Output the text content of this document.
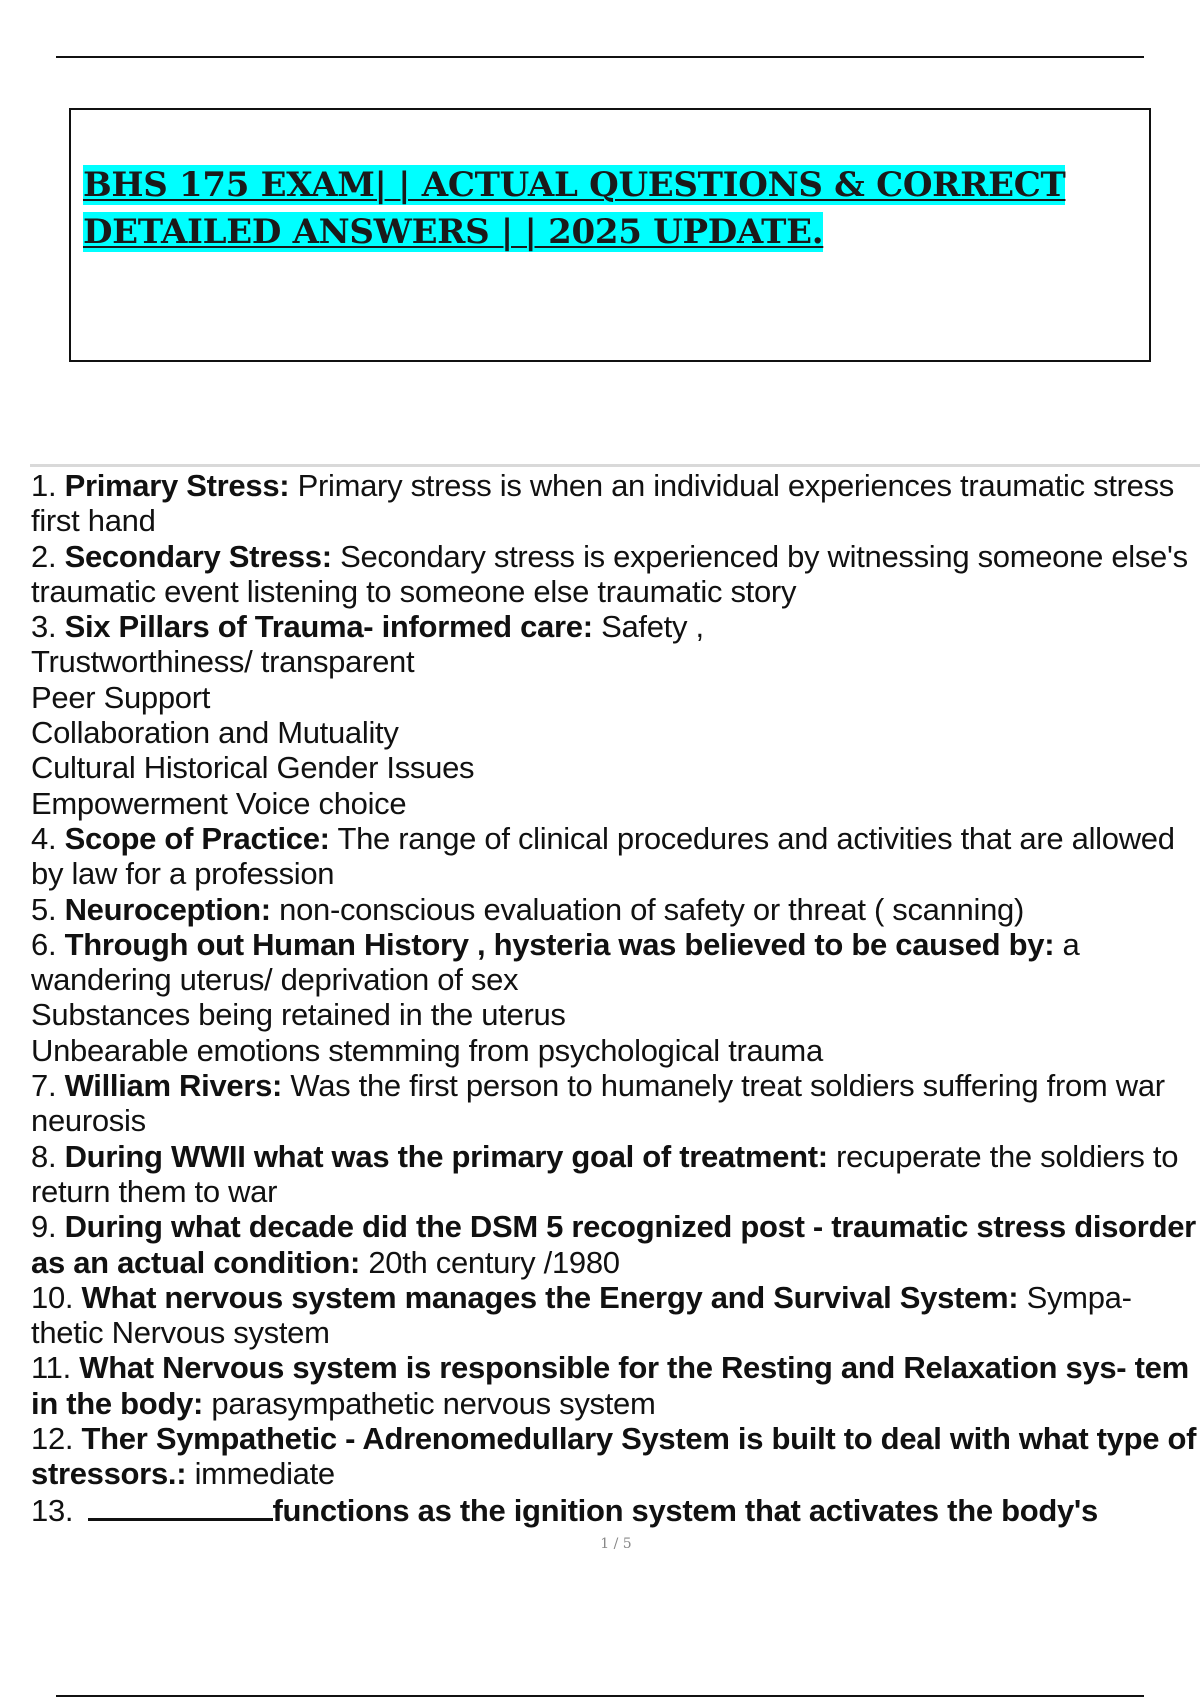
BHS 175 EXAM| | ACTUAL QUESTIONS & CORRECT
DETAILED ANSWERS | | 2025 UPDATE.
1. Primary Stress: Primary stress is when an individual experiences traumatic stress first hand
2. Secondary Stress: Secondary stress is experienced by witnessing someone else's traumatic event listening to someone else traumatic story
3. Six Pillars of Trauma- informed care: Safety ,
Trustworthiness/ transparent
Peer Support
Collaboration and Mutuality
Cultural Historical Gender Issues
Empowerment Voice choice
4. Scope of Practice: The range of clinical procedures and activities that are allowed by law for a profession
5. Neuroception: non-conscious evaluation of safety or threat ( scanning)
6. Through out Human History , hysteria was believed to be caused by: a wandering uterus/ deprivation of sex
Substances being retained in the uterus
Unbearable emotions stemming from psychological trauma
7. William Rivers: Was the first person to humanely treat soldiers suffering from war neurosis
8. During WWII what was the primary goal of treatment: recuperate the soldiers to return them to war
9. During what decade did the DSM 5 recognized post - traumatic stress disorder as an actual condition: 20th century /1980
10. What nervous system manages the Energy and Survival System: Sympa- thetic Nervous system
11. What Nervous system is responsible for the Resting and Relaxation sys- tem in the body: parasympathetic nervous system
12. Ther Sympathetic - Adrenomedullary System is built to deal with what type of stressors.: immediate
13.	functions as the ignition system that activates the body's
1 / 5
